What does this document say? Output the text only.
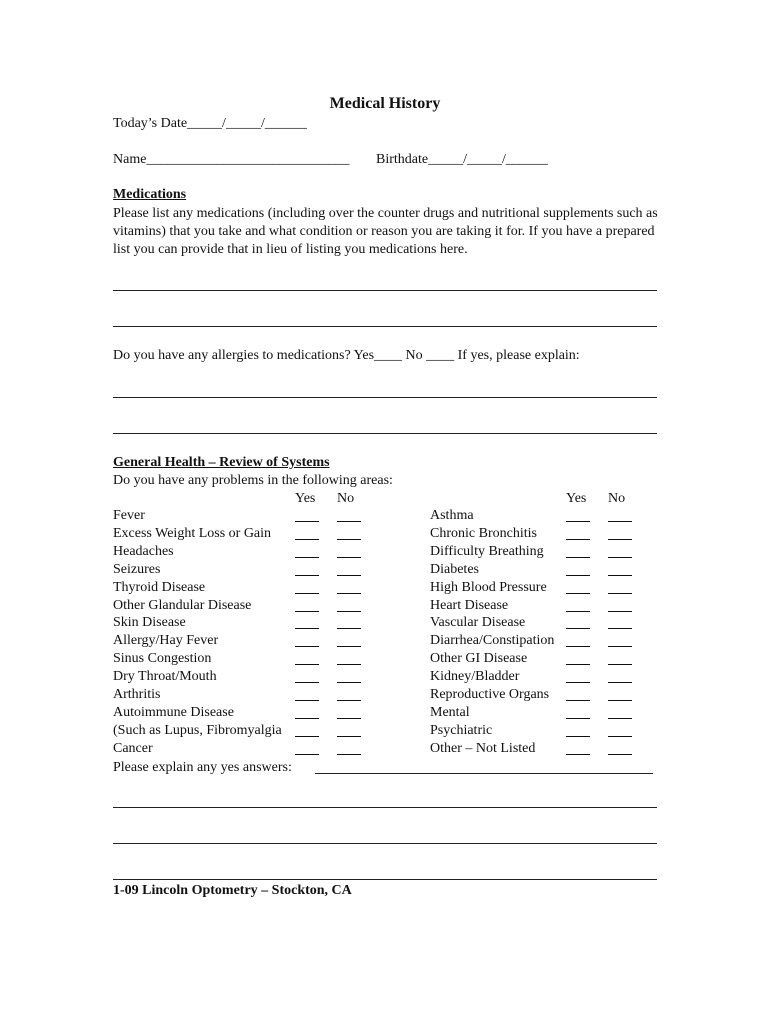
Medical History
Today’s Date_____/_____/______
Name_____________________________ Birthdate_____/_____/______
Medications
Please list any medications (including over the counter drugs and nutritional supplements such as vitamins) that you take and what condition or reason you are taking it for. If you have a prepared list you can provide that in lieu of listing you medications here.
Do you have any allergies to medications? Yes____ No ____ If yes, please explain:
General Health – Review of Systems
Do you have any problems in the following areas:
Yes No	Yes No
Fever
Excess Weight Loss or Gain
Headaches
Seizures
Thyroid Disease
Other Glandular Disease
Skin Disease
Allergy/Hay Fever
Sinus Congestion
Dry Throat/Mouth
Arthritis
Autoimmune Disease
(Such as Lupus, Fibromyalgia
Cancer
Asthma
Chronic Bronchitis
Difficulty Breathing
Diabetes
High Blood Pressure
Heart Disease
Vascular Disease
Diarrhea/Constipation
Other GI Disease
Kidney/Bladder
Reproductive Organs
Mental
Psychiatric
Other – Not Listed
Please explain any yes answers:
1-09 Lincoln Optometry – Stockton, CA
